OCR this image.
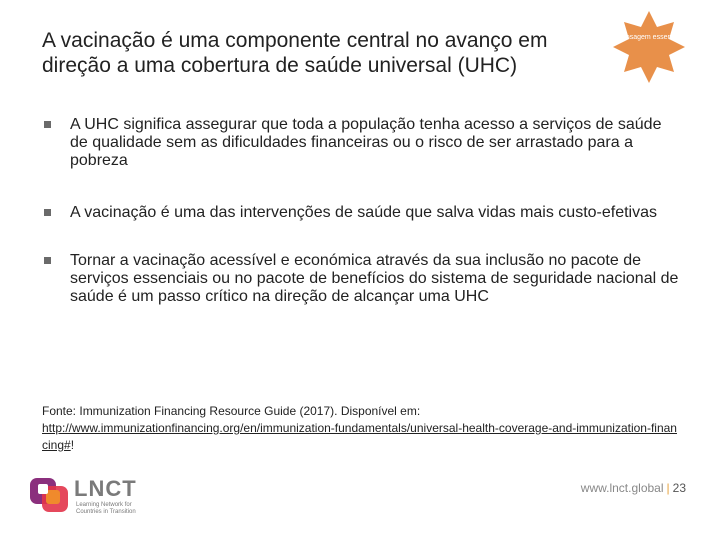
A vacinação é uma componente central no avanço em direção a uma cobertura de saúde universal (UHC)
Mensagem essencial
A UHC significa assegurar que toda a população tenha acesso a serviços de saúde de qualidade sem as dificuldades financeiras ou o risco de ser arrastado para a pobreza
A vacinação é uma das intervenções de saúde que salva vidas mais custo-efetivas
Tornar a vacinação acessível e económica através da sua inclusão no pacote de serviços essenciais ou no pacote de benefícios do sistema de seguridade nacional de saúde é um passo crítico na direção de alcançar uma UHC
Fonte: Immunization Financing Resource Guide (2017). Disponível em:
http://www.immunizationfinancing.org/en/immunization-fundamentals/universal-health-coverage-and-immunization-financing#!
LNCT
Learning Network for Countries in Transition
www.lnct.global | 23
